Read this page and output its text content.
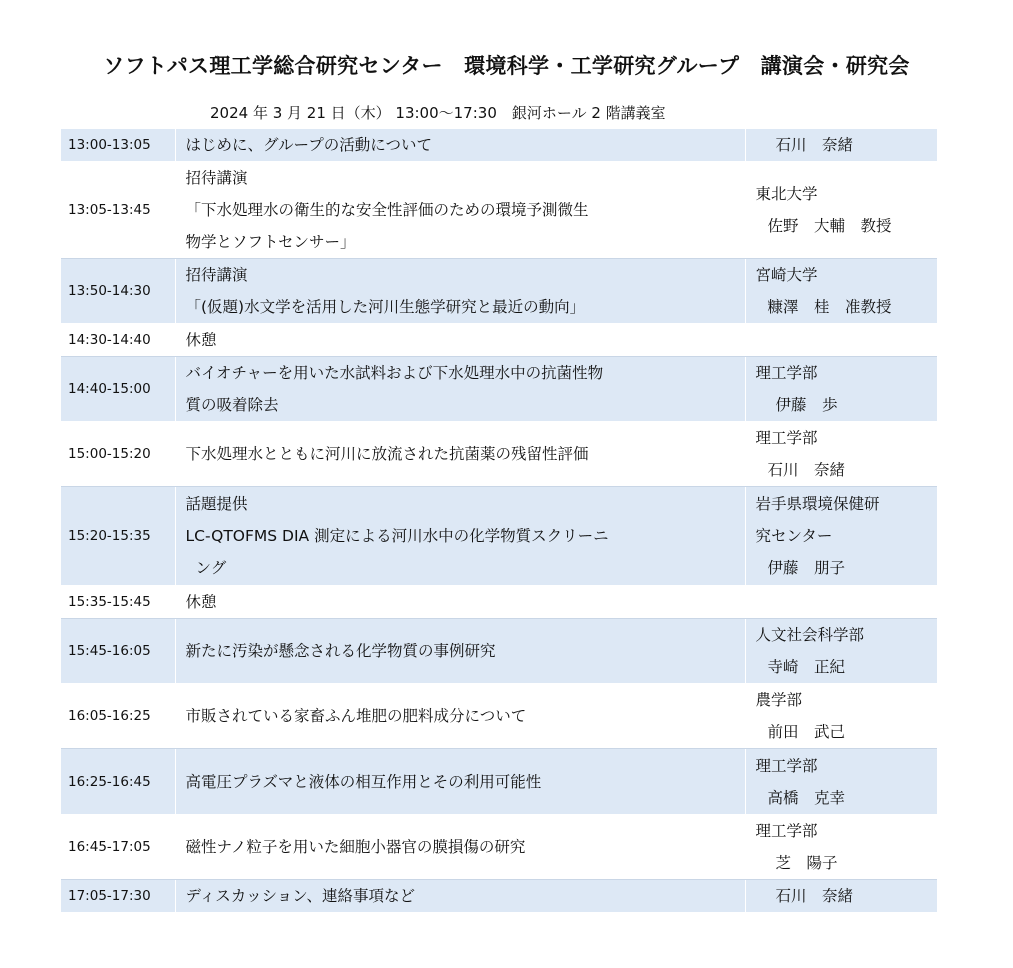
ソフトパス理工学総合研究センター　環境科学・工学研究グループ　講演会・研究会
2024 年 3 月 21 日（木） 13:00～17:30　銀河ホール 2 階講義室
13:00-13:05	はじめに、グループの活動について	石川　奈緒

13:05-13:45	招待講演
「下水処理水の衛生的な安全性評価のための環境予測微生
物学とソフトセンサー」	東北大学
佐野　大輔　教授

13:50-14:30	招待講演
「(仮題)水文学を活用した河川生態学研究と最近の動向」	宮崎大学
糠澤　桂　准教授

14:30-14:40	休憩	

14:40-15:00	バイオチャーを用いた水試料および下水処理水中の抗菌性物
質の吸着除去	理工学部
伊藤　歩

15:00-15:20	下水処理水とともに河川に放流された抗菌薬の残留性評価	理工学部
石川　奈緒

15:20-15:35	話題提供
LC-QTOFMS DIA 測定による河川水中の化学物質スクリーニ
ング	岩手県環境保健研
究センター
伊藤　朋子

15:35-15:45	休憩	

15:45-16:05	新たに汚染が懸念される化学物質の事例研究	人文社会科学部
寺崎　正紀

16:05-16:25	市販されている家畜ふん堆肥の肥料成分について	農学部
前田　武己

16:25-16:45	高電圧プラズマと液体の相互作用とその利用可能性	理工学部
高橋　克幸

16:45-17:05	磁性ナノ粒子を用いた細胞小器官の膜損傷の研究	理工学部
芝　陽子

17:05-17:30	ディスカッション、連絡事項など	石川　奈緒
